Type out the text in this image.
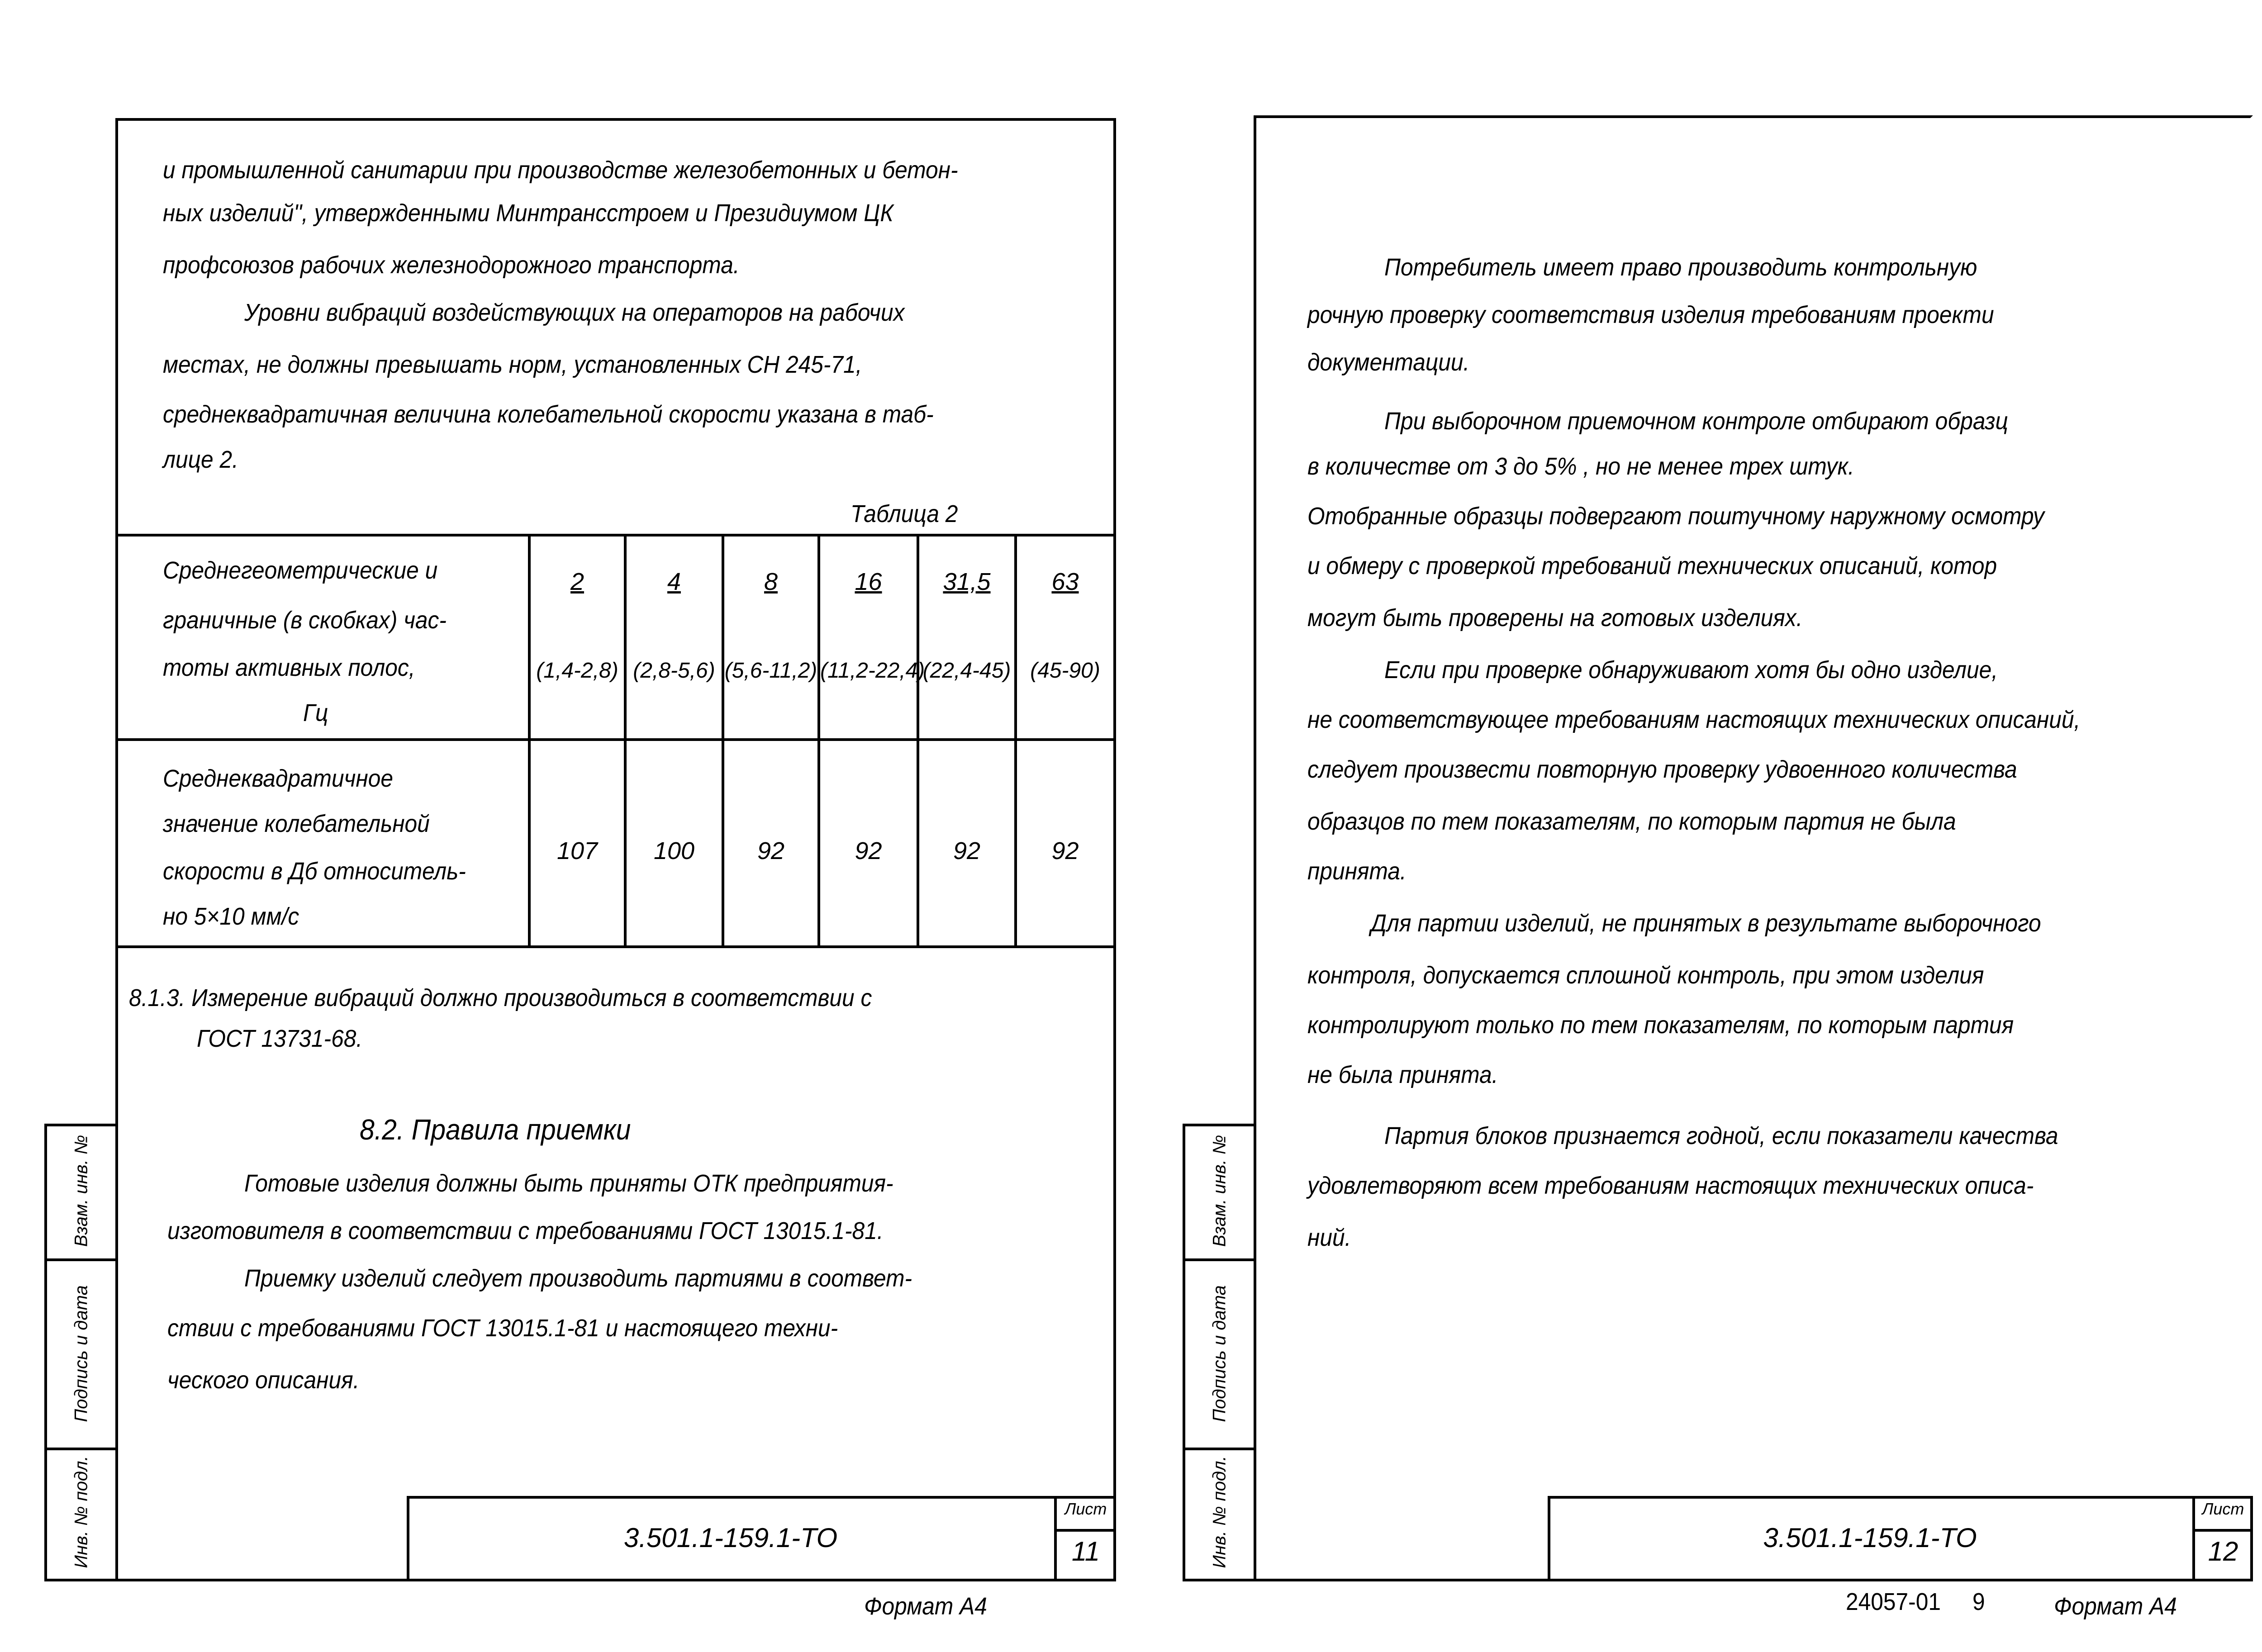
и промышленной санитарии при производстве железобетонных и бетон-
ных изделий", утвержденными Минтрансстроем и Президиумом ЦК
профсоюзов рабочих железнодорожного транспорта.
Уровни вибраций воздействующих на операторов на рабочих
местах, не должны превышать норм, установленных СН 245-71,
среднеквадратичная величина колебательной скорости указана в таб-
лице 2.
Таблица 2
Среднегеометрические и
граничные (в скобках) час-
тоты активных полос,
Гц
Среднеквадратичное
значение колебательной
скорости в Дб относитель-
но 5×10 мм/с
2
(1,4-2,8)
107
4
(2,8-5,6)
100
8
(5,6-11,2)
92
16
(11,2-22,4)
92
31,5
(22,4-45)
92
63
(45-90)
92
8.1.3. Измерение вибраций должно производиться в соответствии с
ГОСТ 13731-68.
8.2. Правила приемки
Готовые изделия должны быть приняты ОТК предприятия-
изготовителя в соответствии с требованиями ГОСТ 13015.1-81.
Приемку изделий следует производить партиями в соответ-
ствии с требованиями ГОСТ 13015.1-81 и настоящего техни-
ческого описания.
Инв. № подл.
Подпись и дата
Взам. инв. №
3.501.1-159.1-ТО
Лист
11
Формат А4
Потребитель имеет право производить контрольную
рочную проверку соответствия изделия требованиям проекти
документации.
При выборочном приемочном контроле отбирают образц
в количестве от 3 до 5% , но не менее трех штук.
Отобранные образцы подвергают поштучному наружному осмотру
и обмеру с проверкой требований технических описаний, котор
могут быть проверены на готовых изделиях.
Если при проверке обнаруживают хотя бы одно изделие,
не соответствующее требованиям настоящих технических описаний,
следует произвести повторную проверку удвоенного количества
образцов по тем показателям, по которым партия не была
принята.
Для партии изделий, не принятых в результате выборочного
контроля, допускается сплошной контроль, при этом изделия
контролируют только по тем показателям, по которым партия
не была принята.
Партия блоков признается годной, если показатели качества
удовлетворяют всем требованиям настоящих технических описа-
ний.
Инв. № подл.
Подпись и дата
Взам. инв. №
3.501.1-159.1-ТО
Лист
12
24057-01 9	Формат А4
